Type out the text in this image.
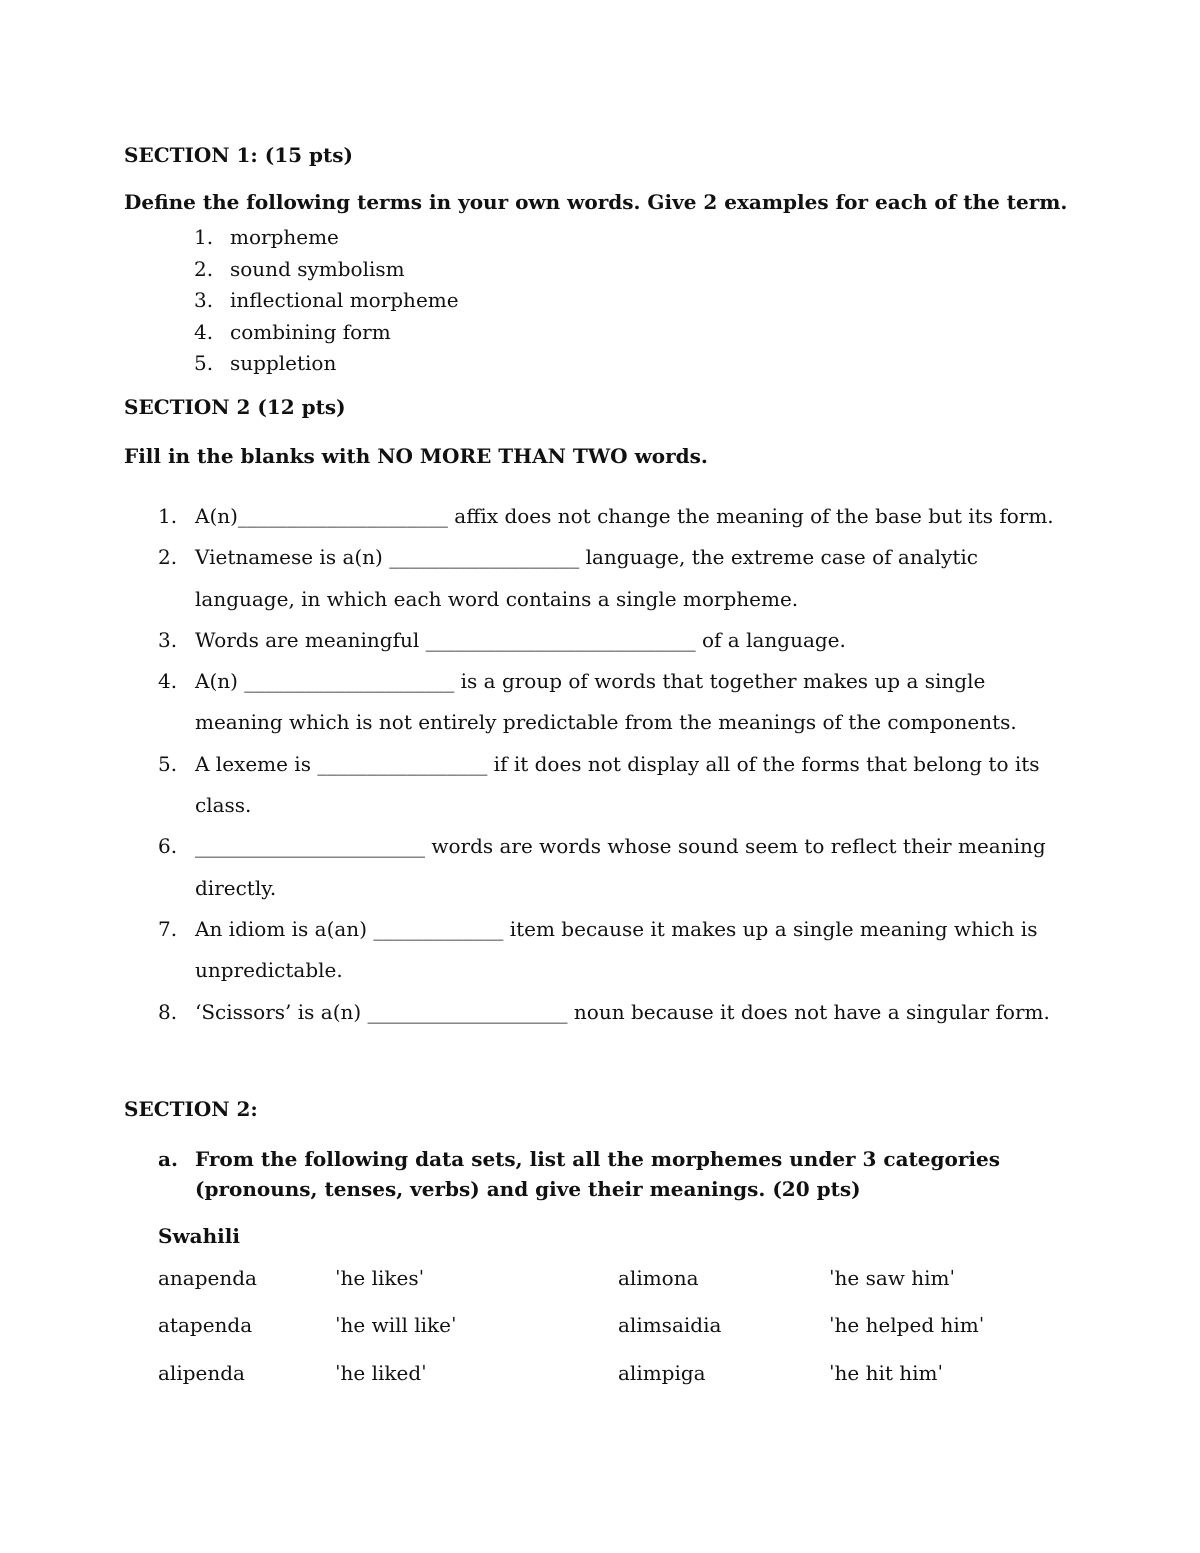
SECTION 1: (15 pts)
Define the following terms in your own words. Give 2 examples for each of the term.
1. morpheme
2. sound symbolism
3. inflectional morpheme
4. combining form
5. suppletion
SECTION 2 (12 pts)
Fill in the blanks with NO MORE THAN TWO words.
1. A(n)_____________________ affix does not change the meaning of the base but its form.
2. Vietnamese is a(n) ___________________ language, the extreme case of analytic language, in which each word contains a single morpheme.
3. Words are meaningful ___________________________ of a language.
4. A(n) _____________________ is a group of words that together makes up a single meaning which is not entirely predictable from the meanings of the components.
5. A lexeme is _________________ if it does not display all of the forms that belong to its class.
6. _______________________ words are words whose sound seem to reflect their meaning directly.
7. An idiom is a(an) _____________ item because it makes up a single meaning which is unpredictable.
8. ‘Scissors’ is a(n) ____________________ noun because it does not have a singular form.
SECTION 2:
a. From the following data sets, list all the morphemes under 3 categories (pronouns, tenses, verbs) and give their meanings. (20 pts)
Swahili
anapenda	ˈhe likesˈ	alimona	ˈhe saw himˈ
atapenda	ˈhe will likeˈ	alimsaidia	ˈhe helped himˈ
alipenda	ˈhe likedˈ	alimpiga	ˈhe hit himˈ
